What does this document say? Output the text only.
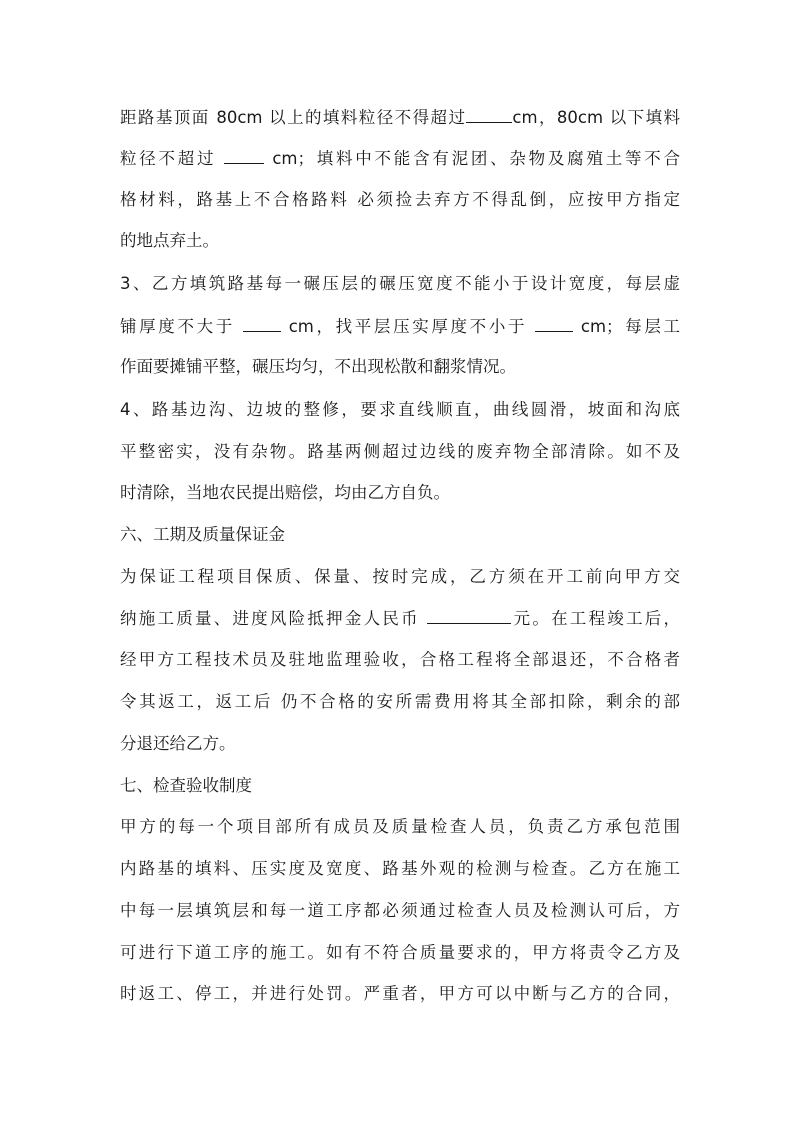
距路基顶面 80cm 以上的填料粒径不得超过	cm，80cm 以下填料
粒径不超过  cm；填料中不能含有泥团、杂物及腐殖土等不合
格材料，路基上不合格路料 必须捡去弃方不得乱倒，应按甲方指定
的地点弃土。
3、乙方填筑路基每一碾压层的碾压宽度不能小于设计宽度，每层虚
铺厚度不大于  cm，找平层压实厚度不小于  cm；每层工
作面要摊铺平整，碾压均匀，不出现松散和翻浆情况。
4、路基边沟、边坡的整修，要求直线顺直，曲线圆滑，坡面和沟底
平整密实，没有杂物。路基两侧超过边线的废弃物全部清除。如不及
时清除，当地农民提出赔偿，均由乙方自负。
六、工期及质量保证金
为保证工程项目保质、保量、按时完成，乙方须在开工前向甲方交
纳施工质量、进度风险抵押金人民币	元。在工程竣工后，
经甲方工程技术员及驻地监理验收，合格工程将全部退还，不合格者
令其返工，返工后 仍不合格的安所需费用将其全部扣除，剩余的部
分退还给乙方。
七、检查验收制度
甲方的每一个项目部所有成员及质量检查人员，负责乙方承包范围
内路基的填料、压实度及宽度、路基外观的检测与检查。乙方在施工
中每一层填筑层和每一道工序都必须通过检查人员及检测认可后，方
可进行下道工序的施工。如有不符合质量要求的，甲方将责令乙方及
时返工、停工，并进行处罚。严重者，甲方可以中断与乙方的合同，
